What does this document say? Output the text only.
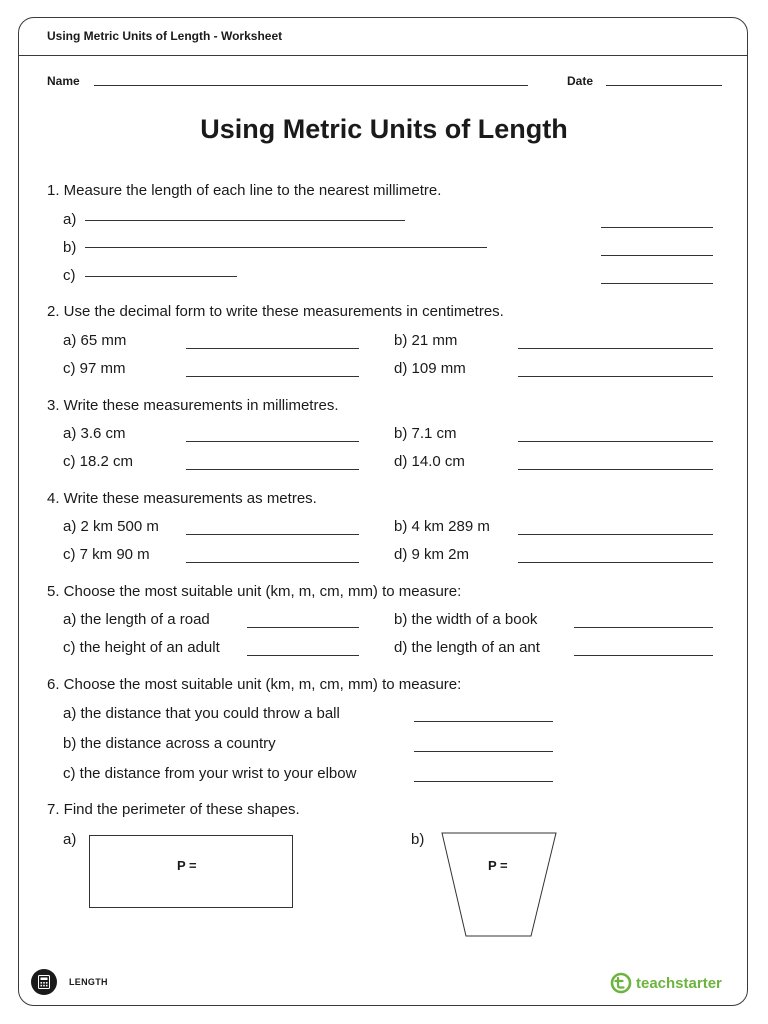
Using Metric Units of Length - Worksheet
Name	Date
Using Metric Units of Length
1. Measure the length of each line to the nearest millimetre.
a)
b)
c)
2. Use the decimal form to write these measurements in centimetres.
a) 65 mm	b) 21 mm
c) 97 mm	d) 109 mm
3. Write these measurements in millimetres.
a) 3.6 cm	b) 7.1 cm
c) 18.2 cm	d) 14.0 cm
4. Write these measurements as metres.
a) 2 km 500 m	b) 4 km 289 m
c) 7 km 90 m	d) 9 km 2m
5. Choose the most suitable unit (km, m, cm, mm) to measure:
a) the length of a road	b) the width of a book
c) the height of an adult	d) the length of an ant
6. Choose the most suitable unit (km, m, cm, mm) to measure:
a) the distance that you could throw a ball
b) the distance across a country
c) the distance from your wrist to your elbow
7. Find the perimeter of these shapes.
a)
P =
b)
P =
LENGTH	teachstarter
